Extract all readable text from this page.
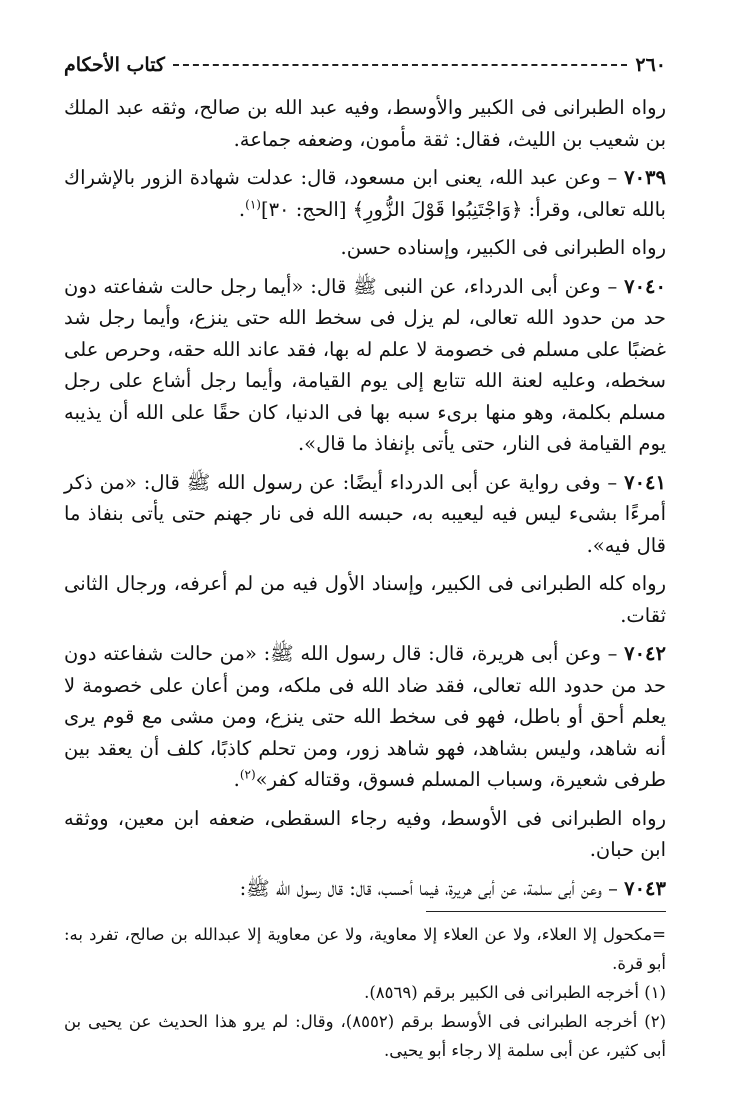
٢٦٠
كتاب الأحكام

رواه الطبرانى فى الكبير والأوسط، وفيه عبد الله بن صالح، وثقه عبد الملك بن شعيب بن الليث، فقال: ثقة مأمون، وضعفه جماعة.

٧٠٣٩ – وعن عبد الله، يعنى ابن مسعود، قال: عدلت شهادة الزور بالإشراك بالله تعالى، وقرأ: ﴿وَاجْتَنِبُوا قَوْلَ الزُّورِ﴾ [الحج: ٣٠]$^{(١)}$.

رواه الطبرانى فى الكبير، وإسناده حسن.

٧٠٤٠ – وعن أبى الدرداء، عن النبى ﷺ قال: «أيما رجل حالت شفاعته دون حد من حدود الله تعالى، لم يزل فى سخط الله حتى ينزع، وأيما رجل شد غضبًا على مسلم فى خصومة لا علم له بها، فقد عاند الله حقه، وحرص على سخطه، وعليه لعنة الله تتابع إلى يوم القيامة، وأيما رجل أشاع على رجل مسلم بكلمة، وهو منها برىء سبه بها فى الدنيا، كان حقًا على الله أن يذيبه يوم القيامة فى النار، حتى يأتى بإنفاذ ما قال».

٧٠٤١ – وفى رواية عن أبى الدرداء أيضًا: عن رسول الله ﷺ قال: «من ذكر أمرءًا بشىء ليس فيه ليعيبه به، حبسه الله فى نار جهنم حتى يأتى بنفاذ ما قال فيه».

رواه كله الطبرانى فى الكبير، وإسناد الأول فيه من لم أعرفه، ورجال الثانى ثقات.

٧٠٤٢ – وعن أبى هريرة، قال: قال رسول الله ﷺ: «من حالت شفاعته دون حد من حدود الله تعالى، فقد ضاد الله فى ملكه، ومن أعان على خصومة لا يعلم أحق أو باطل، فهو فى سخط الله حتى ينزع، ومن مشى مع قوم يرى أنه شاهد، وليس بشاهد، فهو شاهد زور، ومن تحلم كاذبًا، كلف أن يعقد بين طرفى شعيرة، وسباب المسلم فسوق، وقتاله كفر»$^{(٢)}$.

رواه الطبرانى فى الأوسط، وفيه رجاء السقطى، ضعفه ابن معين، ووثقه ابن حبان.

٧٠٤٣ – وعن أبى سلمة، عن أبى هريرة، فيما أحسب، قال: قال رسول الله ﷺ:

=مكحول إلا العلاء، ولا عن العلاء إلا معاوية، ولا عن معاوية إلا عبدالله بن صالح، تفرد به: أبو قرة.

(١) أخرجه الطبرانى فى الكبير برقم (٨٥٦٩).

(٢) أخرجه الطبرانى فى الأوسط برقم (٨٥٥٢)، وقال: لم يرو هذا الحديث عن يحيى بن أبى كثير، عن أبى سلمة إلا رجاء أبو يحيى.
